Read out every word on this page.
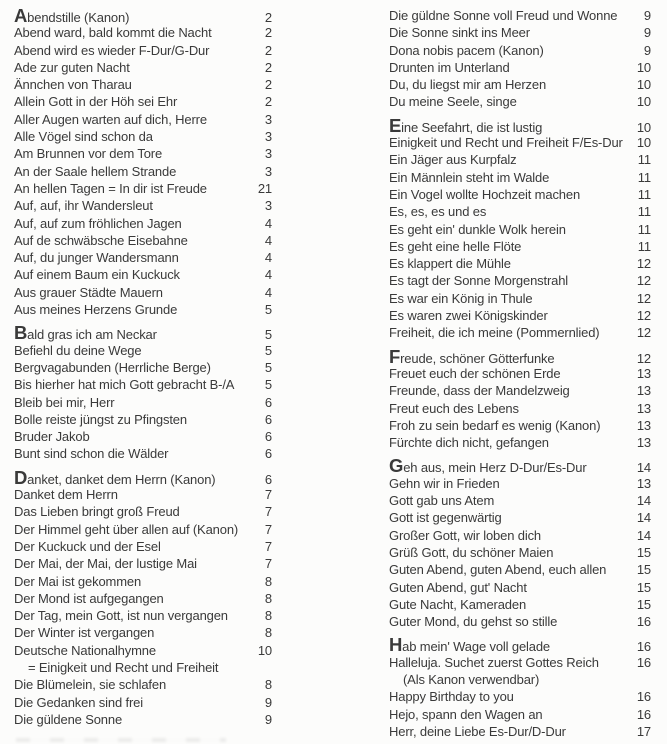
Abendstille (Kanon)	2
Abend ward, bald kommt die Nacht	2
Abend wird es wieder F-Dur/G-Dur	2
Ade zur guten Nacht	2
Ännchen von Tharau	2
Allein Gott in der Höh sei Ehr	2
Aller Augen warten auf dich, Herre	3
Alle Vögel sind schon da	3
Am Brunnen vor dem Tore	3
An der Saale hellem Strande	3
An hellen Tagen = In dir ist Freude	21
Auf, auf, ihr Wandersleut	3
Auf, auf zum fröhlichen Jagen	4
Auf de schwäbsche Eisebahne	4
Auf, du junger Wandersmann	4
Auf einem Baum ein Kuckuck	4
Aus grauer Städte Mauern	4
Aus meines Herzens Grunde	5
Bald gras ich am Neckar	5
Befiehl du deine Wege	5
Bergvagabunden (Herrliche Berge)	5
Bis hierher hat mich Gott gebracht B-/A	5
Bleib bei mir, Herr	6
Bolle reiste jüngst zu Pfingsten	6
Bruder Jakob	6
Bunt sind schon die Wälder	6
Danket, danket dem Herrn (Kanon)	6
Danket dem Herrn	7
Das Lieben bringt groß Freud	7
Der Himmel geht über allen auf (Kanon)	7
Der Kuckuck und der Esel	7
Der Mai, der Mai, der lustige Mai	7
Der Mai ist gekommen	8
Der Mond ist aufgegangen	8
Der Tag, mein Gott, ist nun vergangen	8
Der Winter ist vergangen	8
Deutsche Nationalhymne	10
= Einigkeit und Recht und Freiheit
Die Blümelein, sie schlafen	8
Die Gedanken sind frei	9
Die güldene Sonne	9
Die güldne Sonne voll Freud und Wonne	9
Die Sonne sinkt ins Meer	9
Dona nobis pacem (Kanon)	9
Drunten im Unterland	10
Du, du liegst mir am Herzen	10
Du meine Seele, singe	10
Eine Seefahrt, die ist lustig	10
Einigkeit und Recht und Freiheit F/Es-Dur	10
Ein Jäger aus Kurpfalz	11
Ein Männlein steht im Walde	11
Ein Vogel wollte Hochzeit machen	11
Es, es, es und es	11
Es geht ein' dunkle Wolk herein	11
Es geht eine helle Flöte	11
Es klappert die Mühle	12
Es tagt der Sonne Morgenstrahl	12
Es war ein König in Thule	12
Es waren zwei Königskinder	12
Freiheit, die ich meine (Pommernlied)	12
Freude, schöner Götterfunke	12
Freuet euch der schönen Erde	13
Freunde, dass der Mandelzweig	13
Freut euch des Lebens	13
Froh zu sein bedarf es wenig (Kanon)	13
Fürchte dich nicht, gefangen	13
Geh aus, mein Herz D-Dur/Es-Dur	14
Gehn wir in Frieden	13
Gott gab uns Atem	14
Gott ist gegenwärtig	14
Großer Gott, wir loben dich	14
Grüß Gott, du schöner Maien	15
Guten Abend, guten Abend, euch allen	15
Guten Abend, gut' Nacht	15
Gute Nacht, Kameraden	15
Guter Mond, du gehst so stille	16
Hab mein' Wage voll gelade	16
Halleluja. Suchet zuerst Gottes Reich	16
(Als Kanon verwendbar)
Happy Birthday to you	16
Hejo, spann den Wagen an	16
Herr, deine Liebe Es-Dur/D-Dur	17
